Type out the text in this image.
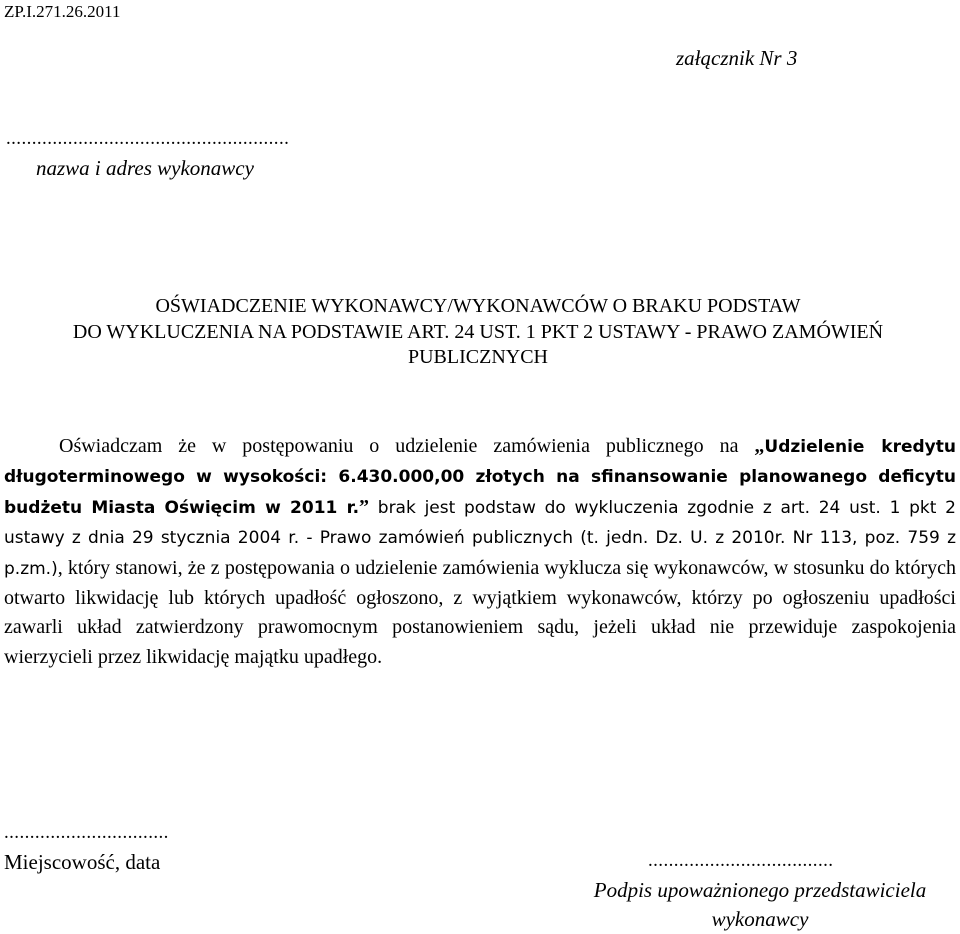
ZP.I.271.26.2011
załącznik Nr 3
.......................................................
nazwa i adres wykonawcy
OŚWIADCZENIE WYKONAWCY/WYKONAWCÓW O BRAKU PODSTAW
DO WYKLUCZENIA NA PODSTAWIE ART. 24 UST. 1 PKT 2 USTAWY - PRAWO ZAMÓWIEŃ
PUBLICZNYCH

Oświadczam że w postępowaniu o udzielenie zamówienia publicznego na „Udzielenie kredytu długoterminowego w wysokości: 6.430.000,00 złotych na sfinansowanie planowanego deficytu budżetu Miasta Oświęcim w 2011 r.” brak jest podstaw do wykluczenia zgodnie z art. 24 ust. 1 pkt 2 ustawy z dnia 29 stycznia 2004 r. - Prawo zamówień publicznych (t. jedn. Dz. U. z 2010r. Nr 113, poz. 759 z p.zm.), który stanowi, że z postępowania o udzielenie zamówienia wyklucza się wykonawców, w stosunku do których otwarto likwidację lub których upadłość ogłoszono, z wyjątkiem wykonawców, którzy po ogłoszeniu upadłości zawarli układ zatwierdzony prawomocnym postanowieniem sądu, jeżeli układ nie przewiduje zaspokojenia wierzycieli przez likwidację majątku upadłego.

................................
Miejscowość, data	....................................
Podpis upoważnionego przedstawiciela
wykonawcy
